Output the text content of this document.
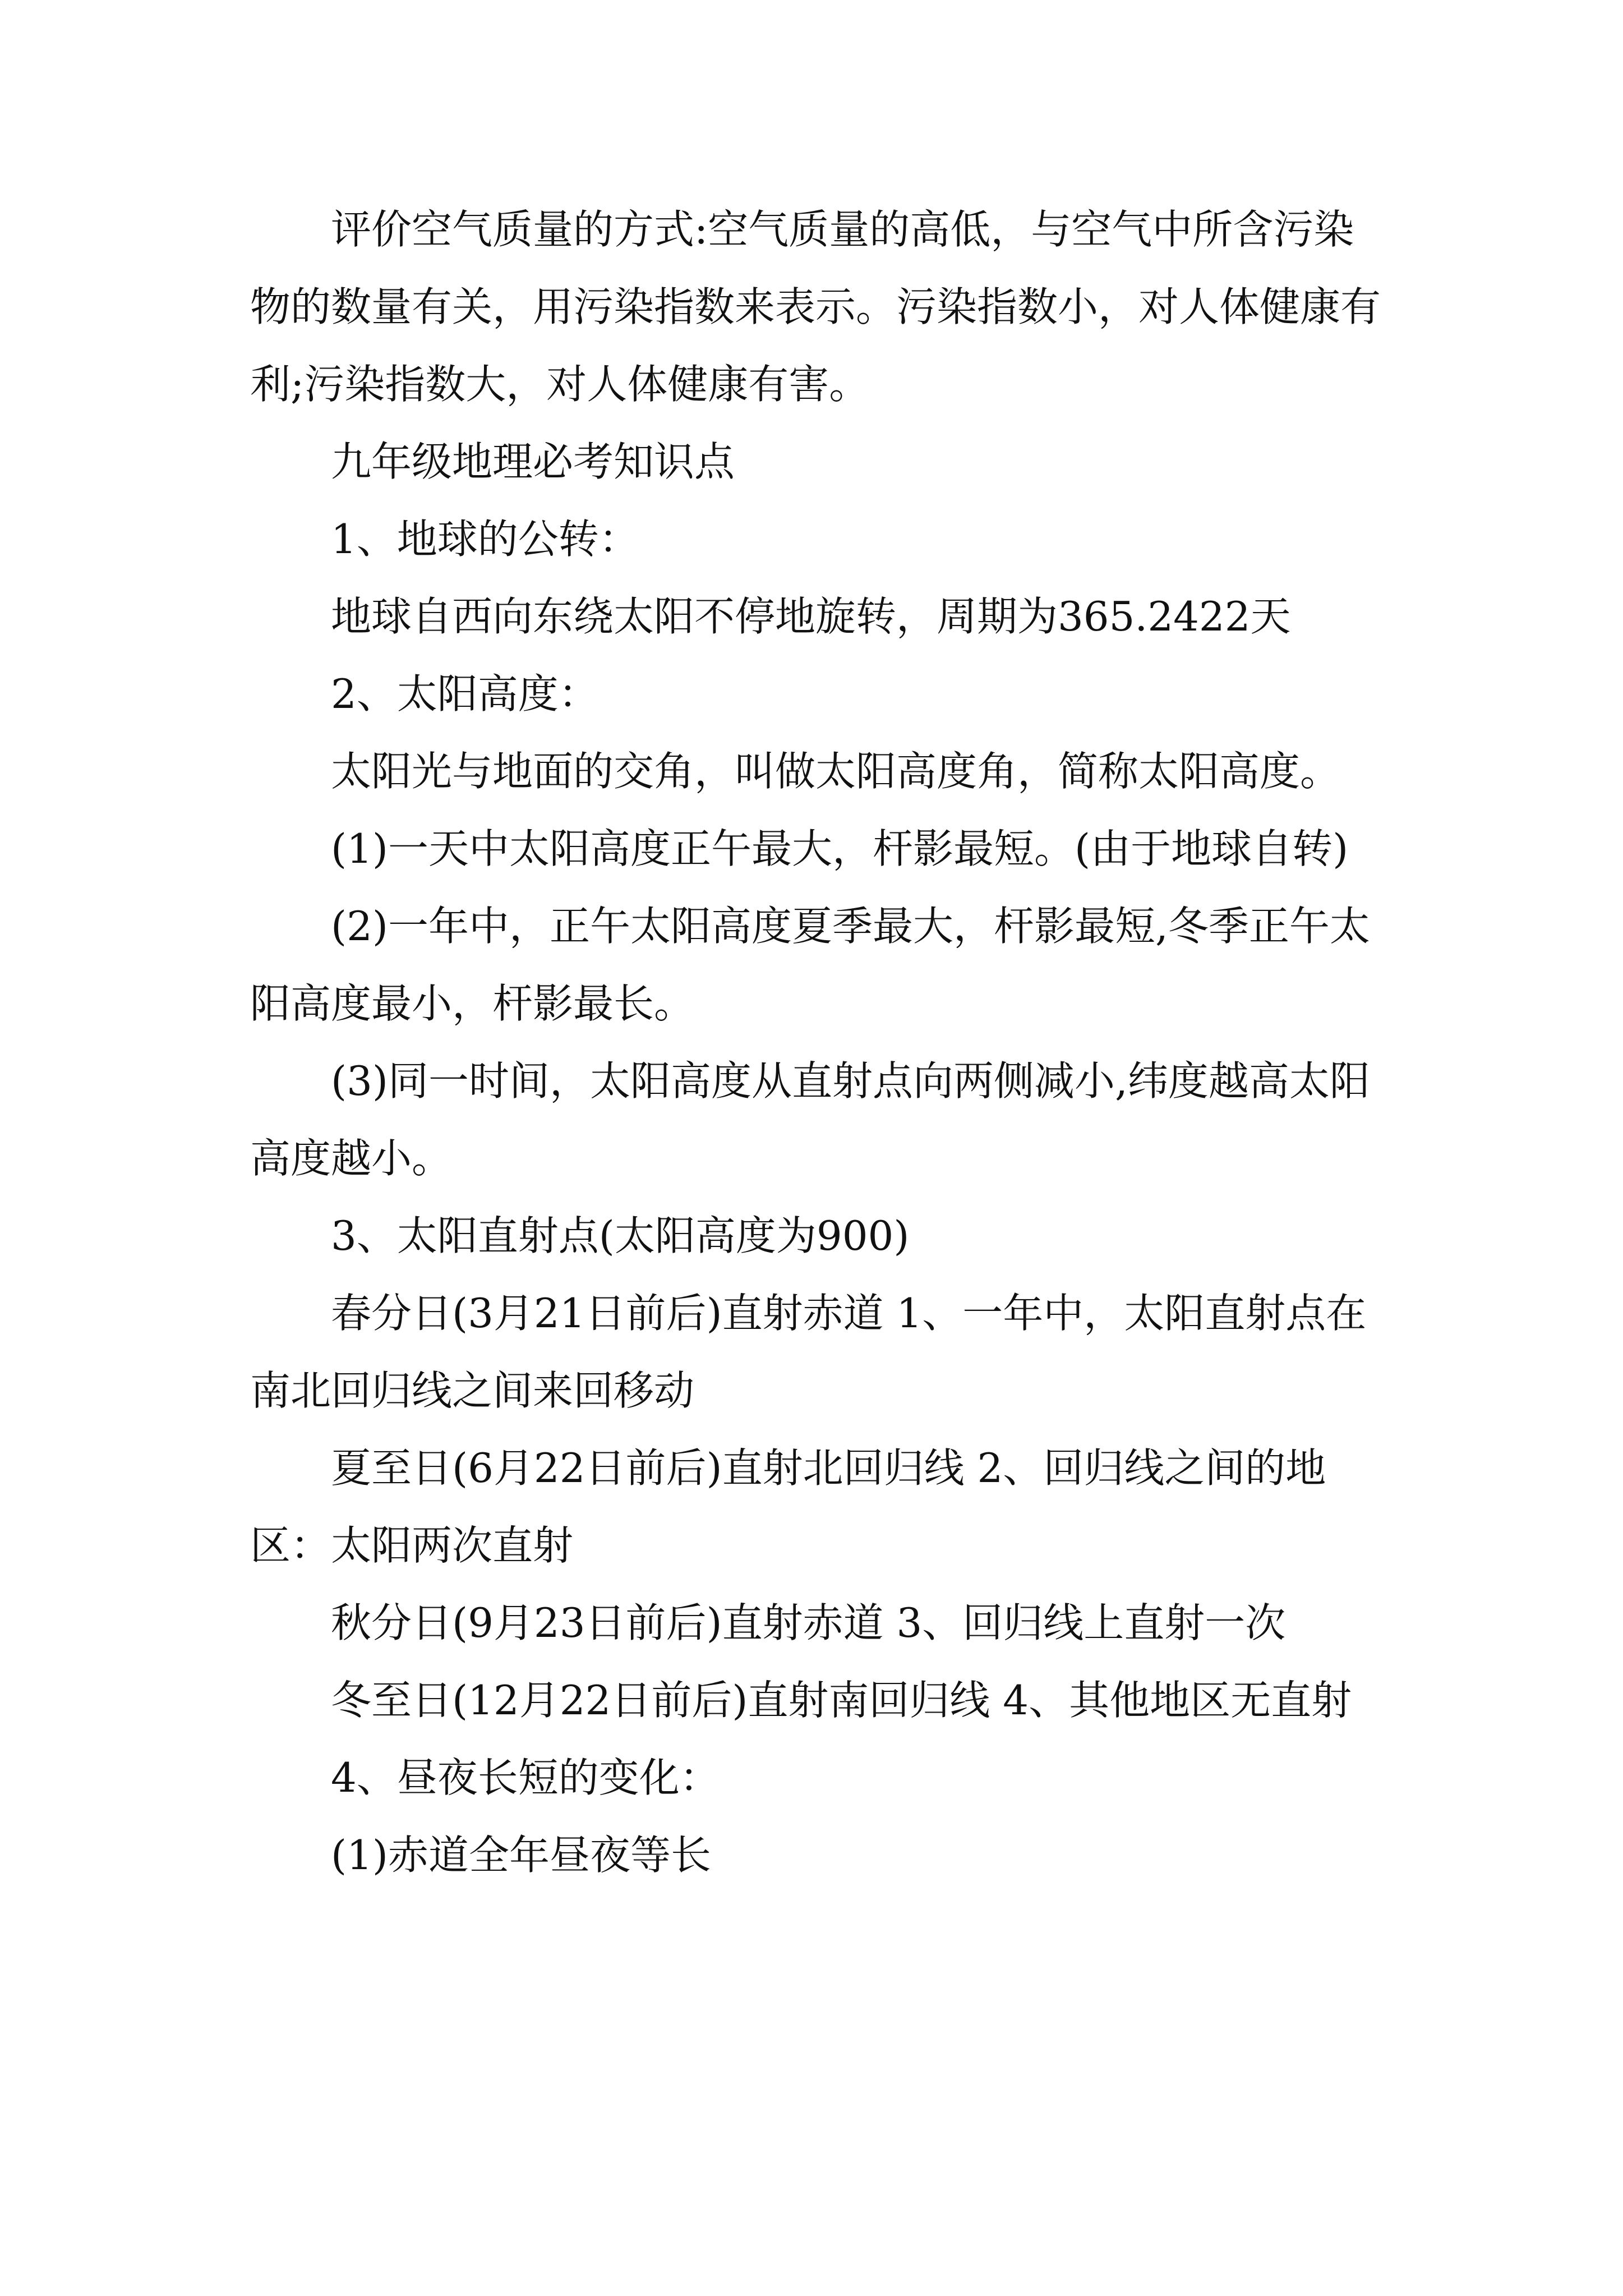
评价空气质量的方式:空气质量的高低，与空气中所含污染物的数量有关，用污染指数来表示。污染指数小，对人体健康有利;污染指数大，对人体健康有害。

九年级地理必考知识点

1、地球的公转：

地球自西向东绕太阳不停地旋转，周期为365.2422天

2、太阳高度：

太阳光与地面的交角，叫做太阳高度角，简称太阳高度。

(1)一天中太阳高度正午最大，杆影最短。(由于地球自转)

(2)一年中，正午太阳高度夏季最大，杆影最短,冬季正午太阳高度最小，杆影最长。

(3)同一时间，太阳高度从直射点向两侧减小,纬度越高太阳高度越小。

3、太阳直射点(太阳高度为900)

春分日(3月21日前后)直射赤道 1、一年中，太阳直射点在南北回归线之间来回移动

夏至日(6月22日前后)直射北回归线 2、回归线之间的地区：太阳两次直射

秋分日(9月23日前后)直射赤道 3、回归线上直射一次

冬至日(12月22日前后)直射南回归线 4、其他地区无直射

4、昼夜长短的变化：

(1)赤道全年昼夜等长
